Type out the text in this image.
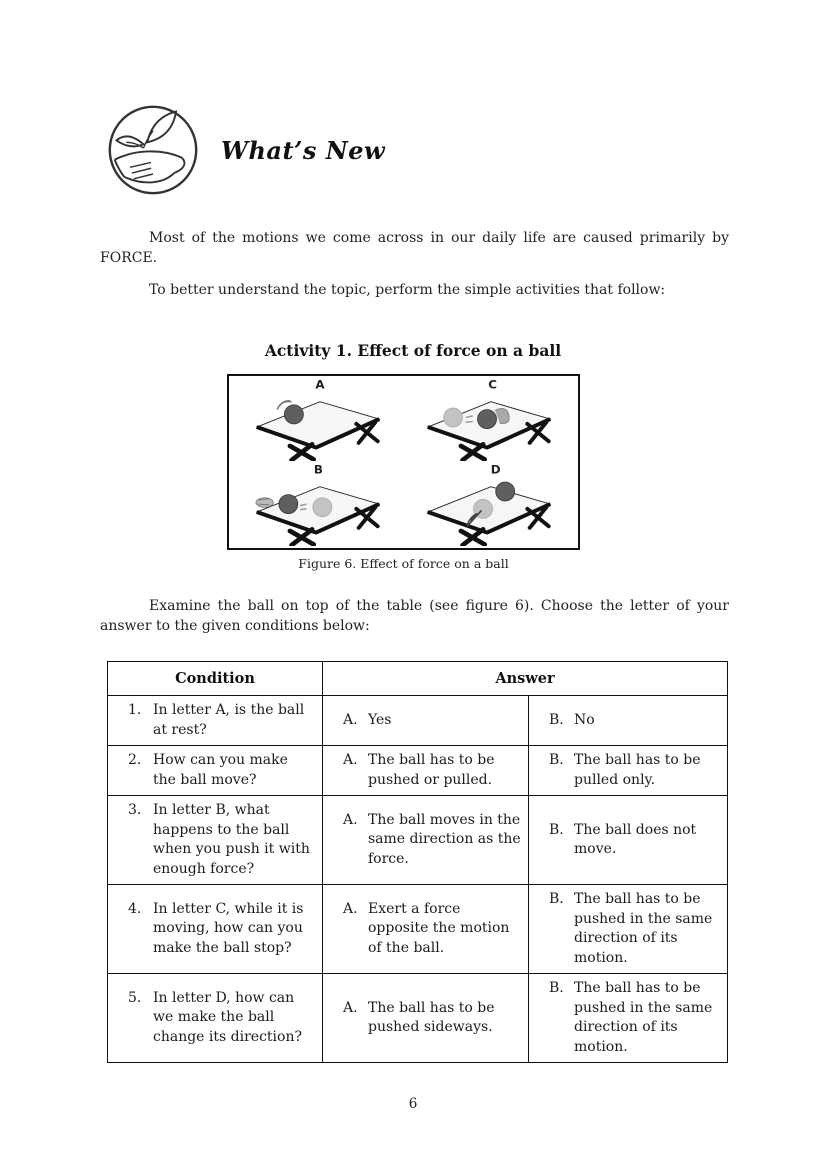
What’s New

Most of the motions we come across in our daily life are caused primarily by FORCE.

To better understand the topic, perform the simple activities that follow:

Activity 1. Effect of force on a ball
A	C
B	D

Figure 6. Effect of force on a ball

Examine the ball on top of the table (see figure 6). Choose the letter of your answer to the given conditions below:

Condition	Answer	

1. In letter A, is the ball at rest?	A. Yes	B. No

2. How can you make the ball move?	A. The ball has to be pushed or pulled.	B. The ball has to be pulled only.

3. In letter B, what happens to the ball when you push it with enough force?	A. The ball moves in the same direction as the force.	B. The ball does not move.

4. In letter C, while it is moving, how can you make the ball stop?	A. Exert a force opposite the motion of the ball.	B. The ball has to be pushed in the same direction of its motion.

5. In letter D, how can we make the ball change its direction?	A. The ball has to be pushed sideways.	B. The ball has to be pushed in the same direction of its motion.

6
